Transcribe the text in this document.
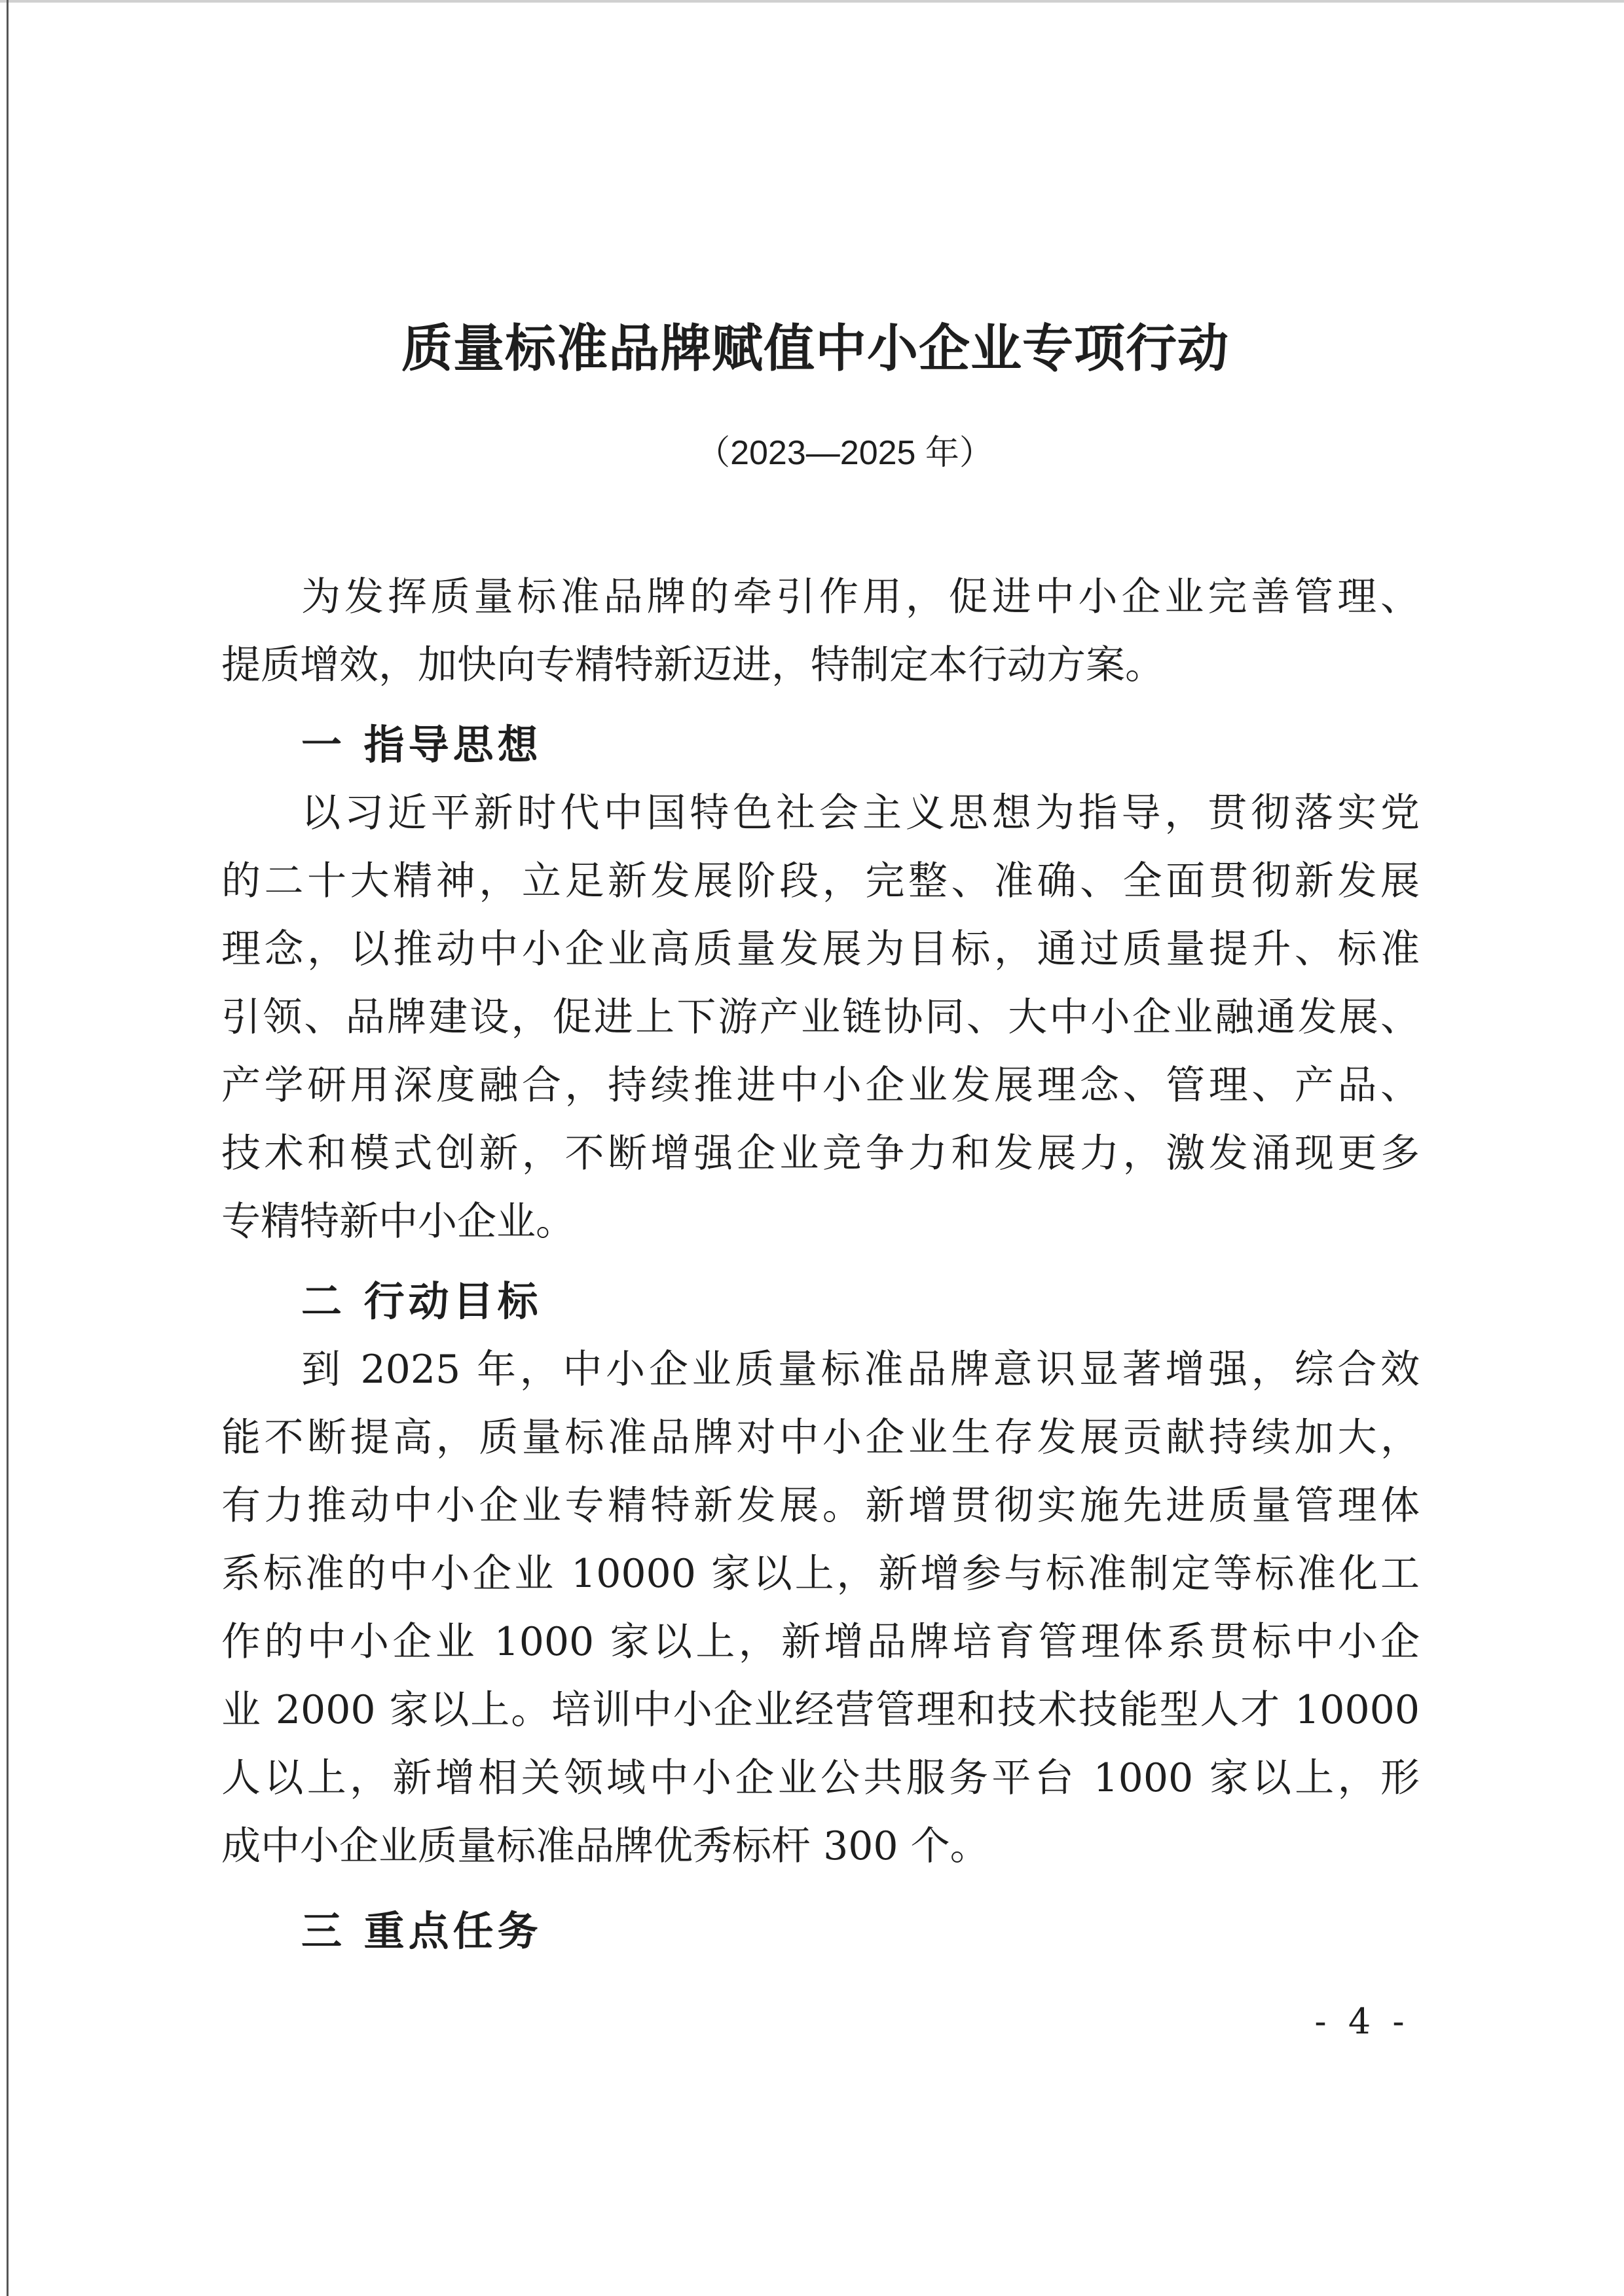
质量标准品牌赋值中小企业专项行动
（2023—2025 年）
为发挥质量标准品牌的牵引作用，促进中小企业完善管理、
提质增效，加快向专精特新迈进，特制定本行动方案。
一 指导思想
以习近平新时代中国特色社会主义思想为指导，贯彻落实党
的二十大精神，立足新发展阶段，完整、准确、全面贯彻新发展
理念，以推动中小企业高质量发展为目标，通过质量提升、标准
引领、品牌建设，促进上下游产业链协同、大中小企业融通发展、
产学研用深度融合，持续推进中小企业发展理念、管理、产品、
技术和模式创新，不断增强企业竞争力和发展力，激发涌现更多
专精特新中小企业。
二 行动目标
到 2025 年，中小企业质量标准品牌意识显著增强，综合效
能不断提高，质量标准品牌对中小企业生存发展贡献持续加大，
有力推动中小企业专精特新发展。新增贯彻实施先进质量管理体
系标准的中小企业 10000 家以上，新增参与标准制定等标准化工
作的中小企业 1000 家以上，新增品牌培育管理体系贯标中小企
业 2000 家以上。培训中小企业经营管理和技术技能型人才 10000
人以上，新增相关领域中小企业公共服务平台 1000 家以上，形
成中小企业质量标准品牌优秀标杆 300 个。
三 重点任务
- 4 -
